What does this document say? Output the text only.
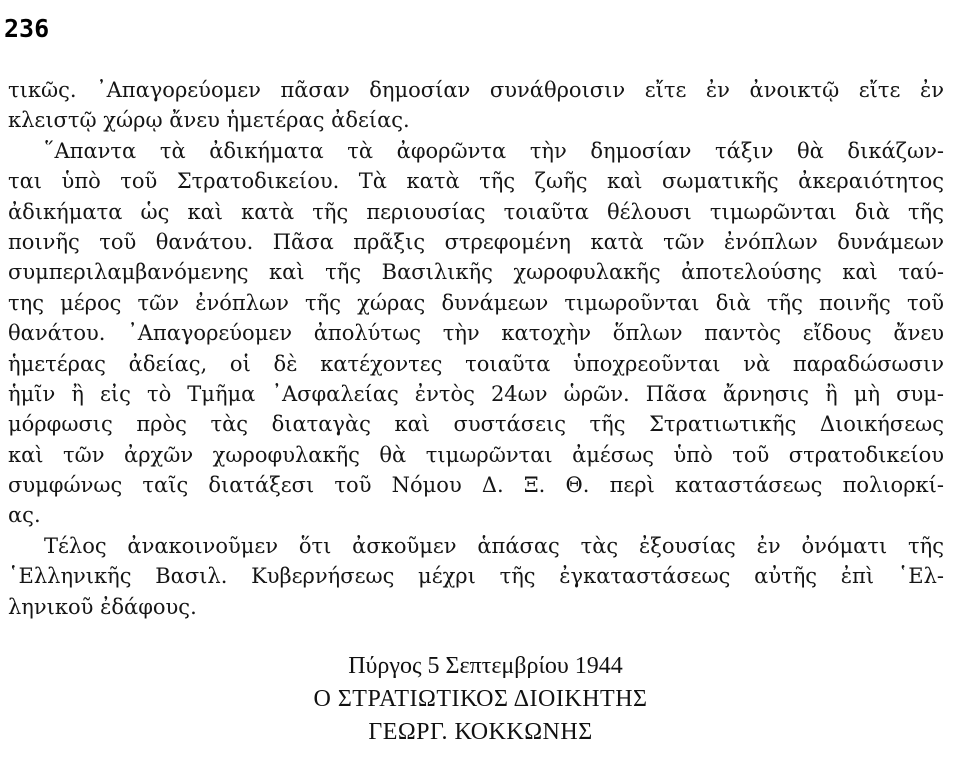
236
τικῶς. ᾿Απαγορεύομεν πᾶσαν δημοσίαν συνάθροισιν εἴτε ἐν ἀνοικτῷ εἴτε ἐν
κλειστῷ χώρῳ ἄνευ ἡμετέρας ἀδείας.
῞Απαντα τὰ ἀδικήματα τὰ ἀφορῶντα τὴν δημοσίαν τάξιν θὰ δικάζων-
ται ὑπὸ τοῦ Στρατοδικείου. Τὰ κατὰ τῆς ζωῆς καὶ σωματικῆς ἀκεραιότητος
ἀδικήματα ὡς καὶ κατὰ τῆς περιουσίας τοιαῦτα θέλουσι τιμωρῶνται διὰ τῆς
ποινῆς τοῦ θανάτου. Πᾶσα πρᾶξις στρεφομένη κατὰ τῶν ἐνόπλων δυνάμεων
συμπεριλαμβανόμενης καὶ τῆς Βασιλικῆς χωροφυλακῆς ἀποτελούσης καὶ ταύ-
της μέρος τῶν ἐνόπλων τῆς χώρας δυνάμεων τιμωροῦνται διὰ τῆς ποινῆς τοῦ
θανάτου. ᾿Απαγορεύομεν ἀπολύτως τὴν κατοχὴν ὅπλων παντὸς εἴδους ἄνευ
ἡμετέρας ἀδείας, οἱ δὲ κατέχοντες τοιαῦτα ὑποχρεοῦνται νὰ παραδώσωσιν
ἡμῖν ἢ εἰς τὸ Τμῆμα ᾿Ασφαλείας ἐντὸς 24ων ὡρῶν. Πᾶσα ἄρνησις ἢ μὴ συμ-
μόρφωσις πρὸς τὰς διαταγὰς καὶ συστάσεις τῆς Στρατιωτικῆς Διοικήσεως
καὶ τῶν ἀρχῶν χωροφυλακῆς θὰ τιμωρῶνται ἀμέσως ὑπὸ τοῦ στρατοδικείου
συμφώνως ταῖς διατάξεσι τοῦ Νόμου Δ. Ξ. Θ. περὶ καταστάσεως πολιορκί-
ας.
Τέλος ἀνακοινοῦμεν ὅτι ἀσκοῦμεν ἁπάσας τὰς ἐξουσίας ἐν ὀνόματι τῆς
῾Ελληνικῆς Βασιλ. Κυβερνήσεως μέχρι τῆς ἐγκαταστάσεως αὐτῆς ἐπὶ ῾Ελ-
ληνικοῦ ἐδάφους.
Πύργος 5 Σεπτεμβρίου 1944
Ο ΣΤΡΑΤΙΩΤΙΚΟΣ ΔΙΟΙΚΗΤΗΣ
ΓΕΩΡΓ. ΚΟΚΚΩΝΗΣ
